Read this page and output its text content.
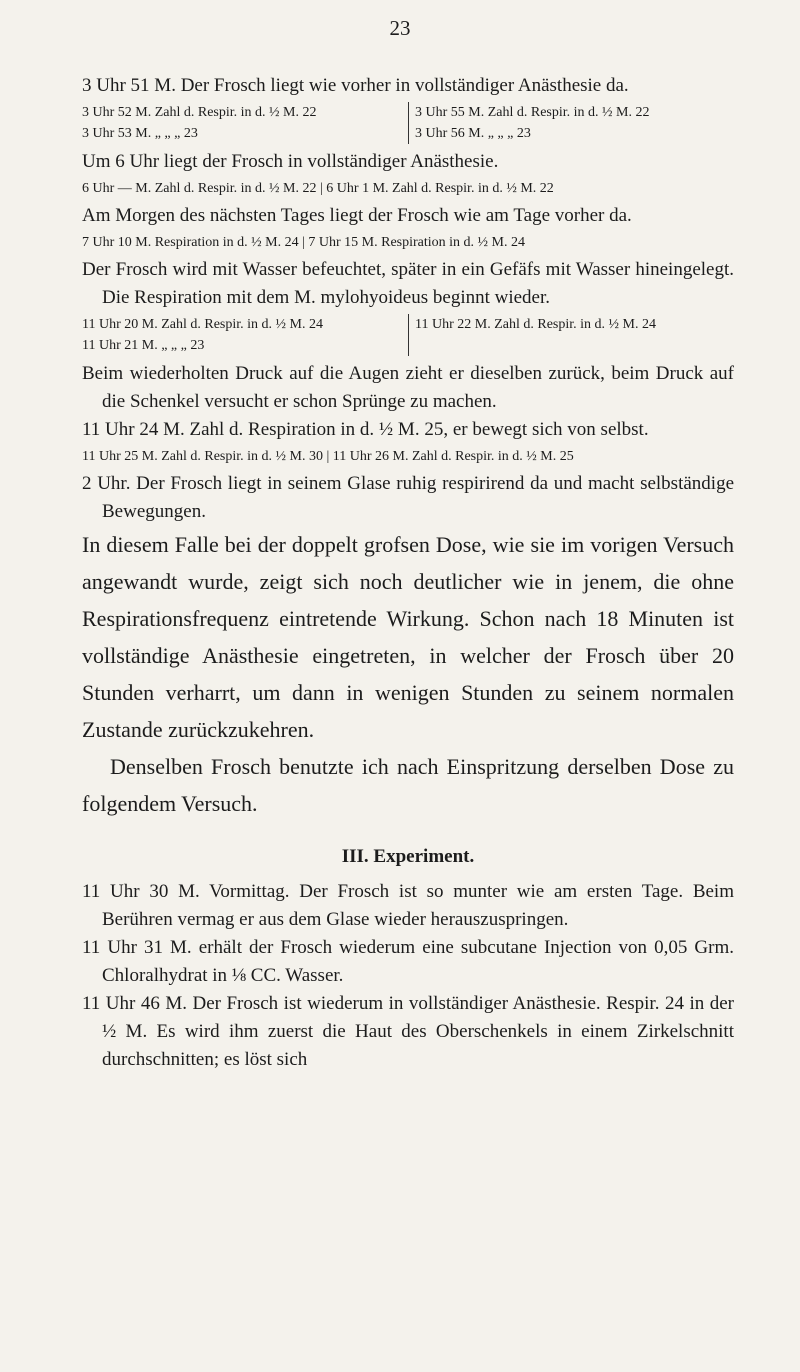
23

3 Uhr 51 M. Der Frosch liegt wie vorher in vollständiger Anästhesie da.

3 Uhr 52 M. Zahl d. Respir. in d. ½ M. 22
3 Uhr 53 M. „ „ „ 23
3 Uhr 55 M. Zahl d. Respir. in d. ½ M. 22
3 Uhr 56 M. „ „ „ 23

Um 6 Uhr liegt der Frosch in vollständiger Anästhesie.

6 Uhr — M. Zahl d. Respir. in d. ½ M. 22 | 6 Uhr 1 M. Zahl d. Respir. in d. ½ M. 22

Am Morgen des nächsten Tages liegt der Frosch wie am Tage vorher da.

7 Uhr 10 M. Respiration in d. ½ M. 24 | 7 Uhr 15 M. Respiration in d. ½ M. 24

Der Frosch wird mit Wasser befeuchtet, später in ein Gefäfs mit Wasser hineingelegt. Die Respiration mit dem M. mylohyoideus beginnt wieder.

11 Uhr 20 M. Zahl d. Respir. in d. ½ M. 24
11 Uhr 21 M. „ „ „ 23
11 Uhr 22 M. Zahl d. Respir. in d. ½ M. 24

Beim wiederholten Druck auf die Augen zieht er dieselben zurück, beim Druck auf die Schenkel versucht er schon Sprünge zu machen.

11 Uhr 24 M. Zahl d. Respiration in d. ½ M. 25, er bewegt sich von selbst.

11 Uhr 25 M. Zahl d. Respir. in d. ½ M. 30 | 11 Uhr 26 M. Zahl d. Respir. in d. ½ M. 25

2 Uhr. Der Frosch liegt in seinem Glase ruhig respirirend da und macht selbständige Bewegungen.

In diesem Falle bei der doppelt grofsen Dose, wie sie im vorigen Versuch angewandt wurde, zeigt sich noch deutlicher wie in jenem, die ohne Respirationsfrequenz eintretende Wirkung. Schon nach 18 Minuten ist vollständige Anästhesie eingetreten, in welcher der Frosch über 20 Stunden verharrt, um dann in wenigen Stunden zu seinem normalen Zustande zurückzukehren.

Denselben Frosch benutzte ich nach Einspritzung derselben Dose zu folgendem Versuch.

III. Experiment.

11 Uhr 30 M. Vormittag. Der Frosch ist so munter wie am ersten Tage. Beim Berühren vermag er aus dem Glase wieder herauszuspringen.

11 Uhr 31 M. erhält der Frosch wiederum eine subcutane Injection von 0,05 Grm. Chloralhydrat in ⅛ CC. Wasser.

11 Uhr 46 M. Der Frosch ist wiederum in vollständiger Anästhesie. Respir. 24 in der ½ M. Es wird ihm zuerst die Haut des Oberschenkels in einem Zirkelschnitt durchschnitten; es löst sich
